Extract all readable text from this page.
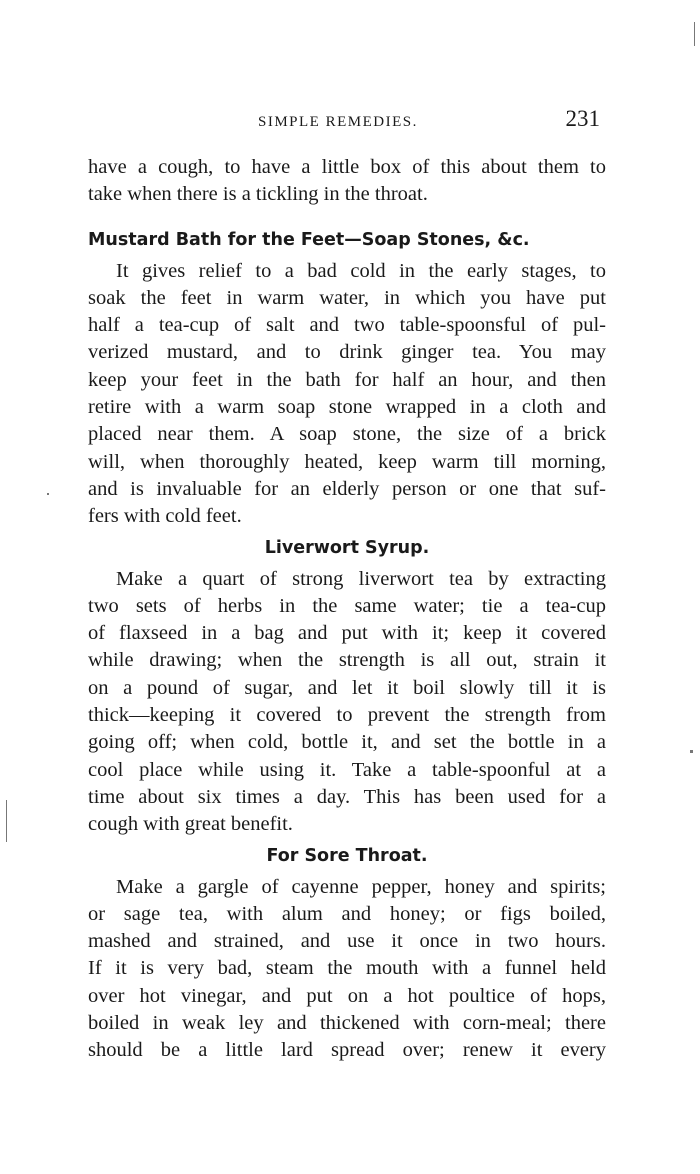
SIMPLE REMEDIES.	231

have a cough, to have a little box of this about them to

take when there is a tickling in the throat.

Mustard Bath for the Feet—Soap Stones, &c.

It gives relief to a bad cold in the early stages, to

soak the feet in warm water, in which you have put

half a tea-cup of salt and two table-spoonsful of pul-

verized mustard, and to drink ginger tea. You may

keep your feet in the bath for half an hour, and then

retire with a warm soap stone wrapped in a cloth and

placed near them. A soap stone, the size of a brick

will, when thoroughly heated, keep warm till morning,

and is invaluable for an elderly person or one that suf-

fers with cold feet.

Liverwort Syrup.

Make a quart of strong liverwort tea by extracting

two sets of herbs in the same water; tie a tea-cup

of flaxseed in a bag and put with it; keep it covered

while drawing; when the strength is all out, strain it

on a pound of sugar, and let it boil slowly till it is

thick—keeping it covered to prevent the strength from

going off; when cold, bottle it, and set the bottle in a

cool place while using it. Take a table-spoonful at a

time about six times a day. This has been used for a

cough with great benefit.

For Sore Throat.

Make a gargle of cayenne pepper, honey and spirits;

or sage tea, with alum and honey; or figs boiled,

mashed and strained, and use it once in two hours.

If it is very bad, steam the mouth with a funnel held

over hot vinegar, and put on a hot poultice of hops,

boiled in weak ley and thickened with corn-meal; there

should be a little lard spread over; renew it every
